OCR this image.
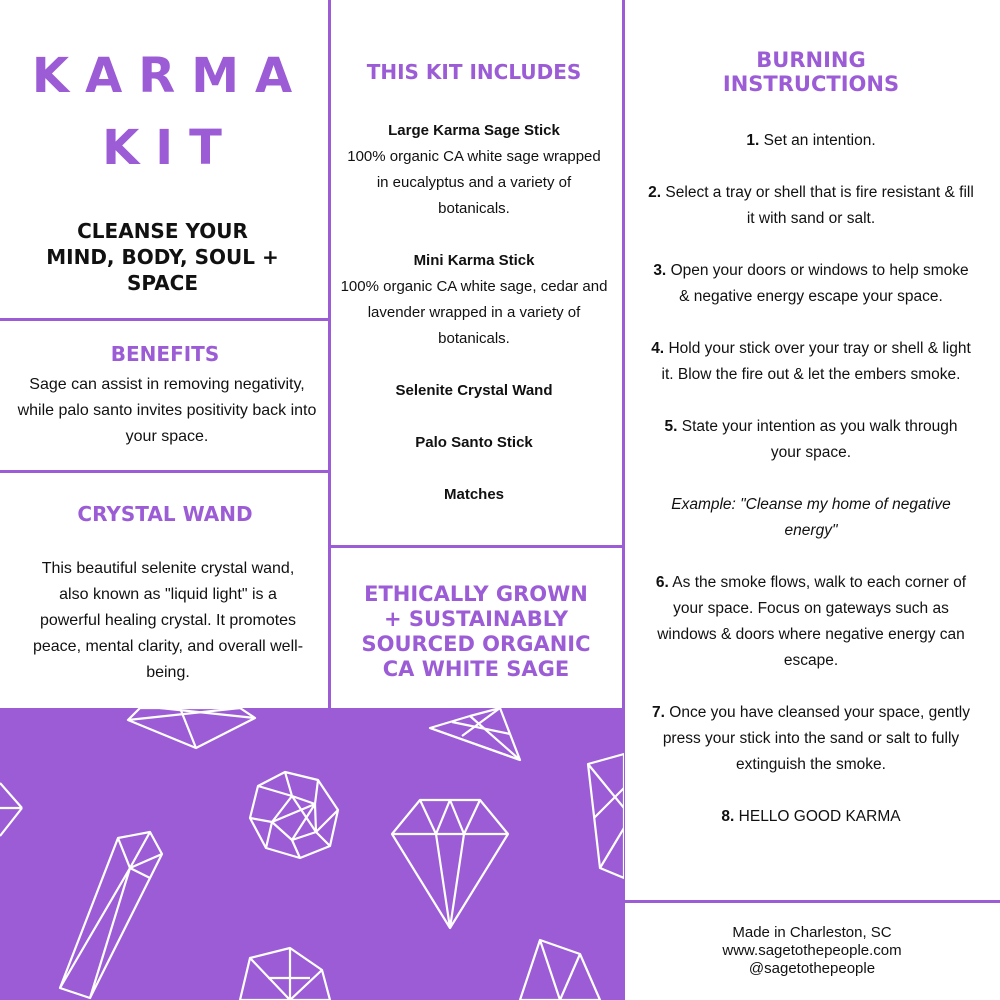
KARMA
KIT
CLEANSE YOUR
MIND, BODY, SOUL +
SPACE
BENEFITS
Sage can assist in removing negativity, while palo santo invites positivity back into your space.
CRYSTAL WAND
This beautiful selenite crystal wand, also known as "liquid light" is a powerful healing crystal. It promotes peace, mental clarity, and overall well-being.
THIS KIT INCLUDES
Large Karma Sage Stick
100% organic CA white sage wrapped in eucalyptus and a variety of botanicals.
Mini Karma Stick
100% organic CA white sage, cedar and lavender wrapped in a variety of botanicals.
Selenite Crystal Wand
Palo Santo Stick
Matches
ETHICALLY GROWN + SUSTAINABLY SOURCED ORGANIC CA WHITE SAGE
BURNING
INSTRUCTIONS
1. Set an intention.
2. Select a tray or shell that is fire resistant & fill it with sand or salt.
3. Open your doors or windows to help smoke & negative energy escape your space.
4. Hold your stick over your tray or shell & light it. Blow the fire out & let the embers smoke.
5. State your intention as you walk through your space.
Example: "Cleanse my home of negative energy"
6. As the smoke flows, walk to each corner of your space. Focus on gateways such as windows & doors where negative energy can escape.
7. Once you have cleansed your space, gently press your stick into the sand or salt to fully extinguish the smoke.
8. HELLO GOOD KARMA
Made in Charleston, SC
www.sagetothepeople.com
@sagetothepeople
